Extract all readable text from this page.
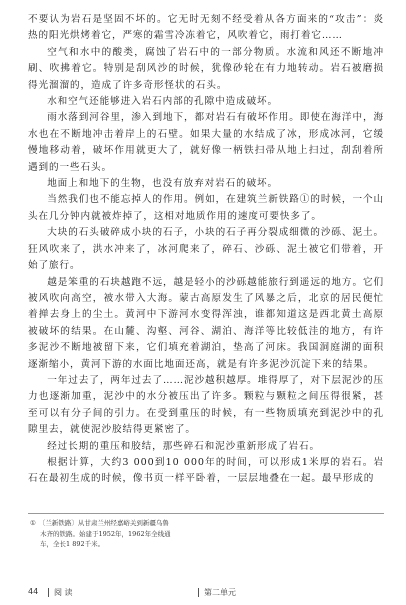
不要认为岩石是坚固不坏的。它无时无刻不经受着从各方面来的“攻击”：炎热的阳光烘烤着它，严寒的霜雪冷冻着它，风吹着它，雨打着它……

空气和水中的酸类，腐蚀了岩石中的一部分物质。水流和风还不断地冲刷、吹拂着它。特别是刮风沙的时候，犹像砂轮在有力地转动。岩石被磨损得光溜溜的，造成了许多奇形怪状的石头。

水和空气还能够进入岩石内部的孔隙中造成破坏。

雨水落到河谷里，渗入到地下，都对岩石有破坏作用。即使在海洋中，海水也在不断地冲击着岸上的石壁。如果大量的水结成了冰，形成冰河，它缓慢地移动着，破坏作用就更大了，就好像一柄铁扫帚从地上扫过，刮刮着所遇到的一些石头。

地面上和地下的生物，也没有放弃对岩石的破坏。

当然我们也不能忘掉人的作用。例如，在建筑兰新铁路①的时候，一个山头在几分钟内就被炸掉了，这相对地质作用的速度可要快多了。

大块的石头破碎成小块的石子，小块的石子再分裂成细微的沙砾、泥土。狂风吹来了，洪水冲来了，冰河爬来了，碎石、沙砾、泥土被它们带着，开始了旅行。

越是笨重的石块越跑不远，越是轻小的沙砾越能旅行到遥远的地方。它们被风吹向高空，被水带入大海。蒙古高原发生了风暴之后，北京的居民便忙着掸去身上的尘土。黄河中下游河水变得浑浊，谁都知道这是西北黄土高原被破坏的结果。在山麓、沟壑、河谷、湖泊、海洋等比较低洼的地方，有许多泥沙不断地被留下来，它们填充着湖泊，垫高了河床。我国洞庭湖的面积逐渐缩小，黄河下游的水面比地面还高，就是有许多泥沙沉淀下来的结果。

一年过去了，两年过去了……泥沙越积越厚。堆得厚了，对下层泥沙的压力也逐渐加重，泥沙中的水分被压出了许多。颗粒与颗粒之间压得很紧，甚至可以有分子间的引力。在受到重压的时候，有一些物质填充到泥沙中的孔隙里去，就使泥沙胶结得更紧密了。

经过长期的重压和胶结，那些碎石和泥沙重新形成了岩石。

根据计算，大约3 000到10 000年的时间，可以形成1米厚的岩石。岩石在最初生成的时候，像书页一样平卧着，一层层地叠在一起。最早形成的

① 〔兰新铁路〕从甘肃兰州经嘉峪关到新疆乌鲁
木齐的铁路。始建于1952年，1962年全线通
车，全长1 892千米。
44 阅 读	第二单元
